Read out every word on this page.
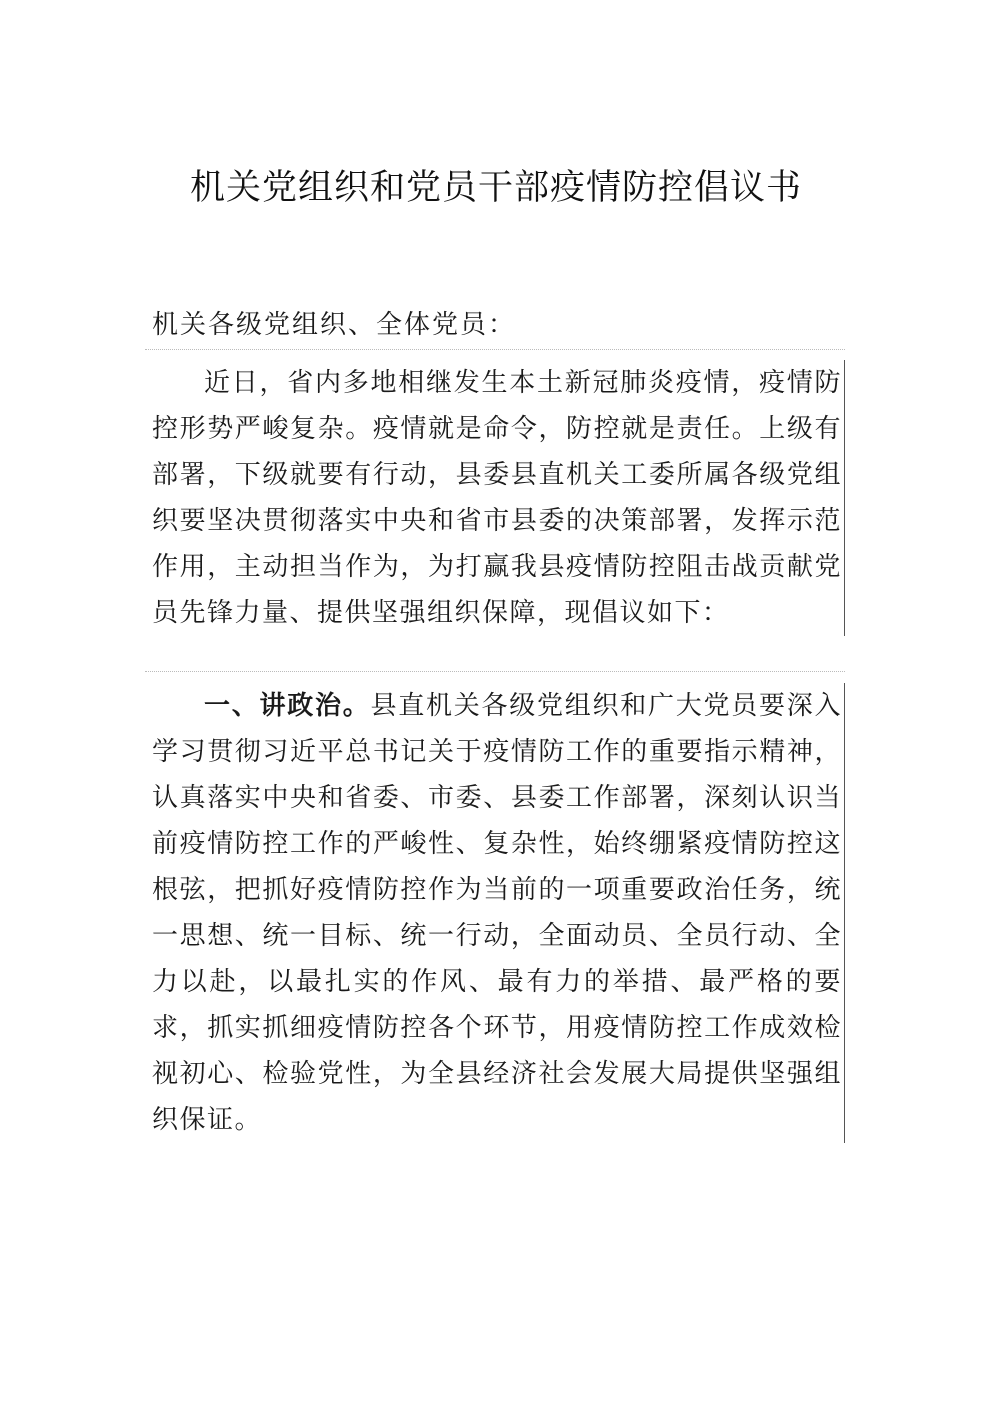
机关党组织和党员干部疫情防控倡议书
机关各级党组织、全体党员：
近日，省内多地相继发生本土新冠肺炎疫情，疫情防控形势严峻复杂。疫情就是命令，防控就是责任。上级有部署，下级就要有行动，县委县直机关工委所属各级党组织要坚决贯彻落实中央和省市县委的决策部署，发挥示范作用，主动担当作为，为打赢我县疫情防控阻击战贡献党员先锋力量、提供坚强组织保障，现倡议如下：
一、讲政治。县直机关各级党组织和广大党员要深入学习贯彻习近平总书记关于疫情防工作的重要指示精神，认真落实中央和省委、市委、县委工作部署，深刻认识当前疫情防控工作的严峻性、复杂性，始终绷紧疫情防控这根弦，把抓好疫情防控作为当前的一项重要政治任务，统一思想、统一目标、统一行动，全面动员、全员行动、全力以赴，以最扎实的作风、最有力的举措、最严格的要求，抓实抓细疫情防控各个环节，用疫情防控工作成效检视初心、检验党性，为全县经济社会发展大局提供坚强组织保证。
